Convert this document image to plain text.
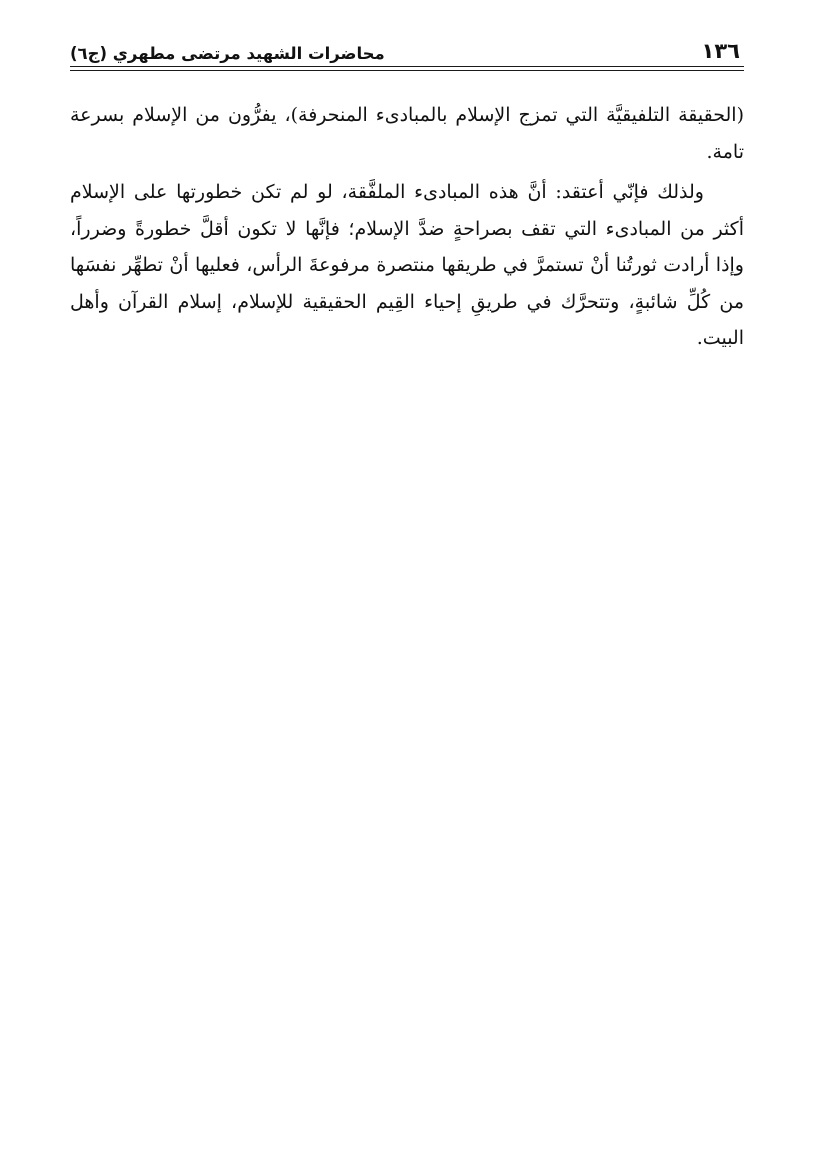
١٣٦
محاضرات الشهيد مرتضى مطهري (ج٦)

(الحقيقة التلفيقيَّة التي تمزج الإسلام بالمبادىء المنحرفة)، يفرُّون من الإسلام بسرعة تامة.

ولذلك فإنّي أعتقد: أنَّ هذه المبادىء الملفَّقة، لو لم تكن خطورتها على الإسلام أكثر من المبادىء التي تقف بصراحةٍ ضدَّ الإسلام؛ فإنَّها لا تكون أقلَّ خطورةً وضرراً، وإذا أرادت ثورتُنا أنْ تستمرَّ في طريقها منتصرة مرفوعةَ الرأس، فعليها أنْ تطهِّر نفسَها من كُلِّ شائبةٍ، وتتحرَّك في طريقِ إحياء القِيم الحقيقية للإسلام، إسلام القرآن وأهل البيت.
